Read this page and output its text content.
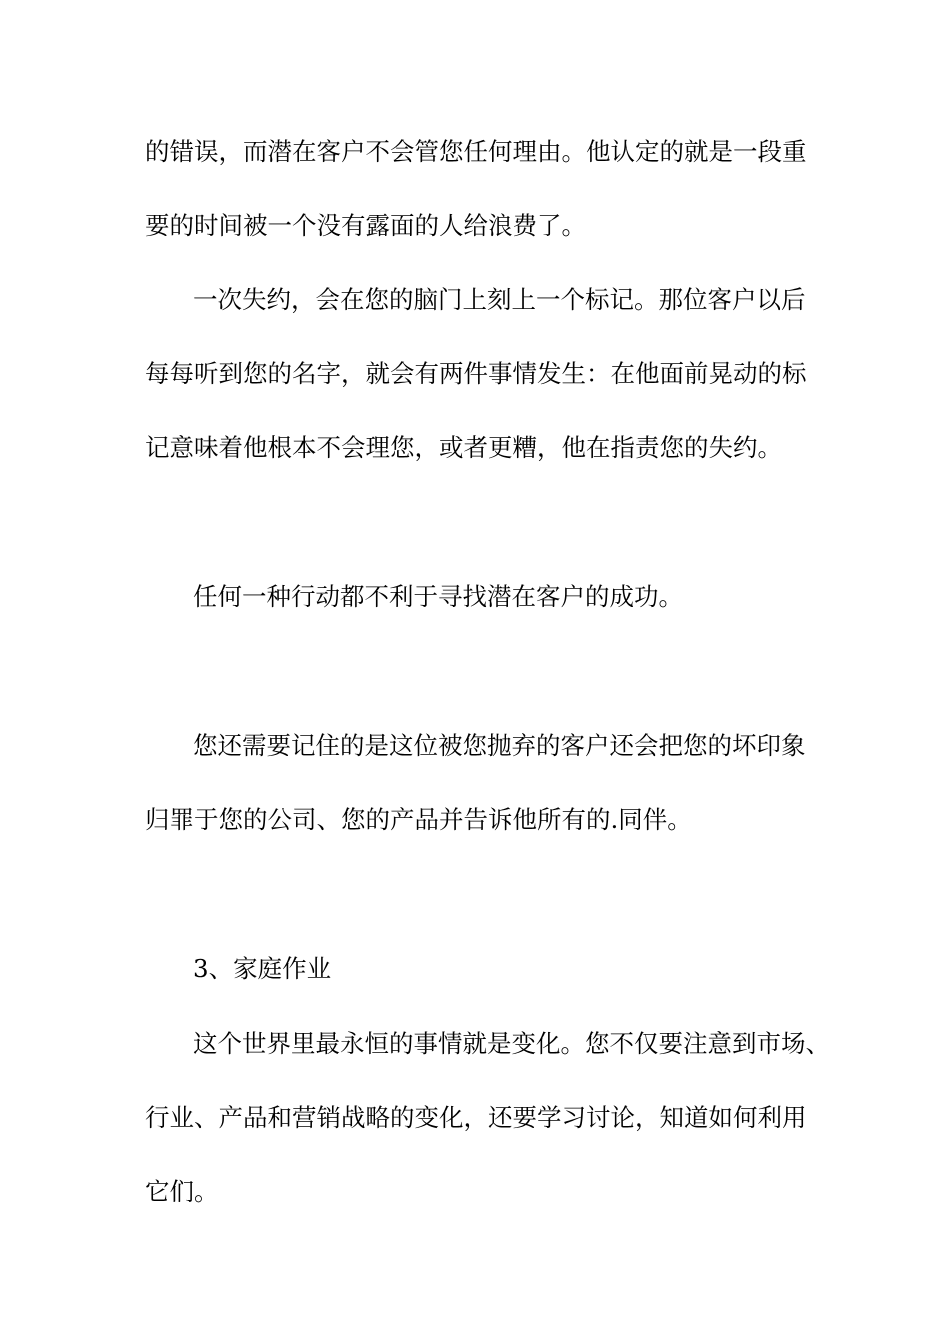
的错误，而潜在客户不会管您任何理由。他认定的就是一段重
要的时间被一个没有露面的人给浪费了。
一次失约，会在您的脑门上刻上一个标记。那位客户以后
每每听到您的名字，就会有两件事情发生：在他面前晃动的标
记意味着他根本不会理您，或者更糟，他在指责您的失约。
任何一种行动都不利于寻找潜在客户的成功。
您还需要记住的是这位被您抛弃的客户还会把您的坏印象
归罪于您的公司、您的产品并告诉他所有的.同伴。
3、家庭作业
这个世界里最永恒的事情就是变化。您不仅要注意到市场、
行业、产品和营销战略的变化，还要学习讨论，知道如何利用
它们。
